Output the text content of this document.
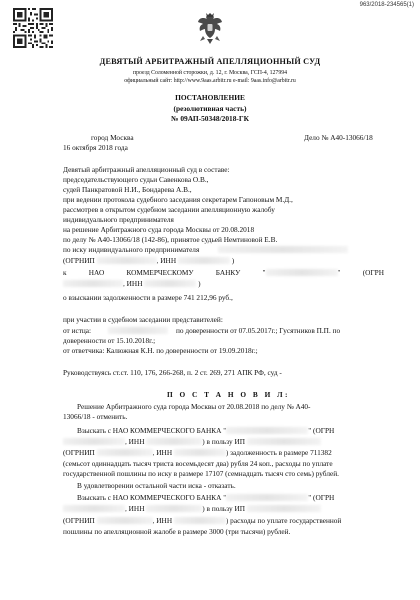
963/2018-234565(1)
ДЕВЯТЫЙ АРБИТРАЖНЫЙ АПЕЛЛЯЦИОННЫЙ СУД
проезд Соломенной сторожки, д. 12, г. Москва, ГСП-4, 127994
официальный сайт: http://www.9aas.arbitr.ru e-mail: 9aas.info@arbitr.ru
ПОСТАНОВЛЕНИЕ
(резолютивная часть)
№ 09АП-50348/2018-ГК
город Москва	Дело № А40-13066/18
16 октября 2018 года
Девятый арбитражный апелляционный суд в составе:
председательствующего судьи Савенкова О.В.,
судей Панкратовой Н.И., Бондарева А.В.,
при ведении протокола судебного заседания секретарем Гапоновым М.Д.,
рассмотрев в открытом судебном заседании апелляционную жалобу
индивидуального предпринимателя
на решение Арбитражного суда города Москвы от 20.08.2018
по делу № А40-13066/18 (142-86), принятое судьей Немтиновой Е.В.
по иску индивидуального предпринимателя
(ОГРНИП	, ИНН	)
к	НАО	КОММЕРЧЕСКОМУ	БАНКУ	"	"	(ОГРН
, ИНН	)
о взыскании задолженности в размере 741 212,96 руб.,
при участии в судебном заседании представителей:
от истца:	по доверенности от 07.05.2017г.; Гусятников П.П. по
доверенности от 15.10.2018г.;
от ответчика: Калюжная К.Н. по доверенности от 19.09.2018г.;
Руководствуясь ст.ст. 110, 176, 266-268, п. 2 ст. 269, 271 АПК РФ, суд -
П О С Т А Н О В И Л:
Решение Арбитражного суда города Москвы от 20.08.2018 по делу № А40-
13066/18 - отменить.
Взыскать с НАО КОММЕРЧЕСКОГО БАНКА "	" (ОГРН
, ИНН	) в пользу ИП
(ОГРНИП	, ИНН	) задолженность в размере 711382
(семьсот одиннадцать тысяч триста восемьдесят два) рубля 24 коп., расходы по уплате
государственной пошлины по иску в размере 17107 (семнадцать тысяч сто семь) рублей.
В удовлетворении остальной части иска - отказать.
Взыскать с НАО КОММЕРЧЕСКОГО БАНКА "	" (ОГРН
, ИНН	) в пользу ИП
(ОГРНИП	, ИНН	) расходы по уплате государственной
пошлины по апелляционной жалобе в размере 3000 (три тысячи) рублей.
